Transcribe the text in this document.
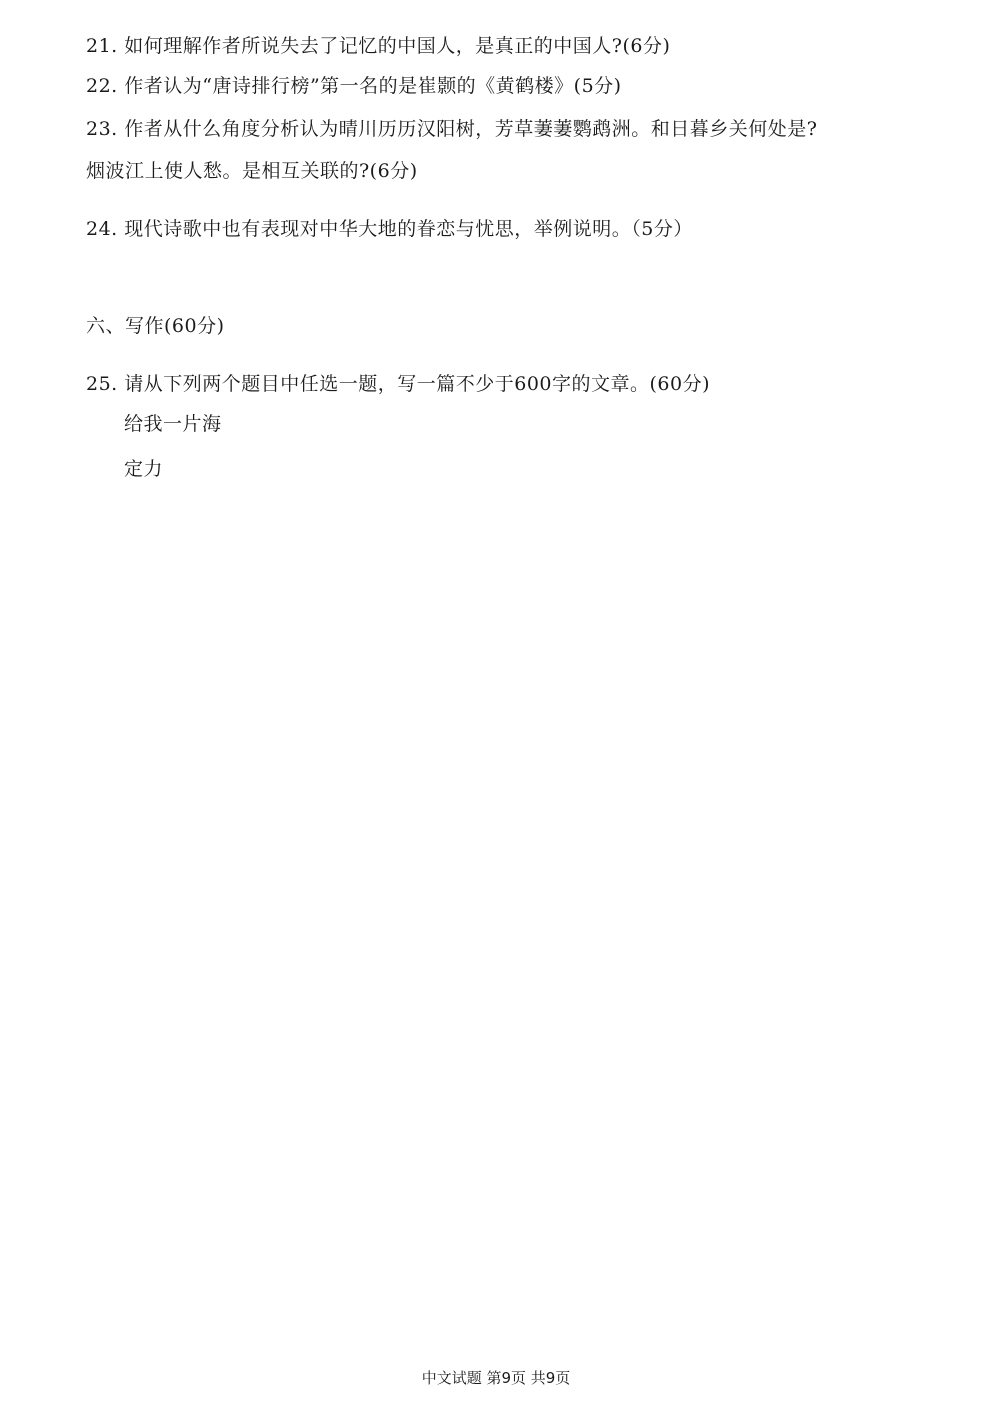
21. 如何理解作者所说失去了记忆的中国人，是真正的中国人?(6分)
22. 作者认为“唐诗排行榜”第一名的是崔颢的《黄鹤楼》(5分)
23. 作者从什么角度分析认为晴川历历汉阳树，芳草萋萋鹦鹉洲。和日暮乡关何处是?
烟波江上使人愁。是相互关联的?(6分)
24. 现代诗歌中也有表现对中华大地的眷恋与忧思，举例说明。（5分）
六、写作(60分)
25. 请从下列两个题目中任选一题，写一篇不少于600字的文章。(60分)
给我一片海
定力
中文试题 第9页 共9页
